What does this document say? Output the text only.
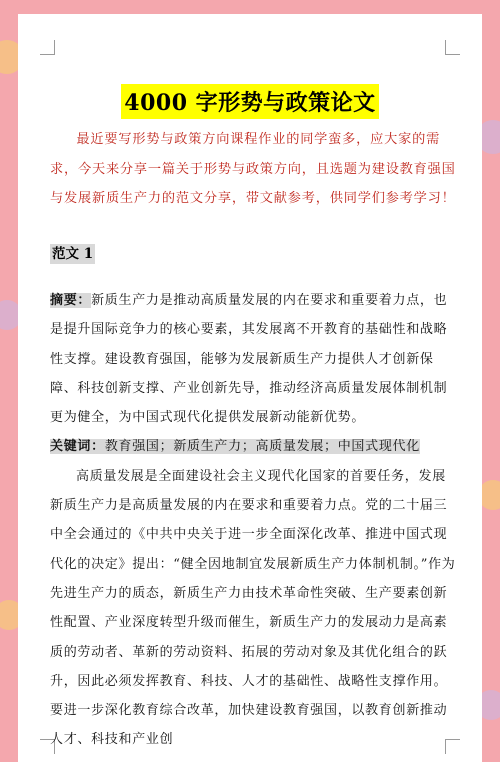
4000 字形势与政策论文

最近要写形势与政策方向课程作业的同学蛮多，应大家的需求，今天来分享一篇关于形势与政策方向，且选题为建设教育强国与发展新质生产力的范文分享，带文献参考，供同学们参考学习！

范文 1

摘要：新质生产力是推动高质量发展的内在要求和重要着力点，也是提升国际竞争力的核心要素，其发展离不开教育的基础性和战略性支撑。建设教育强国，能够为发展新质生产力提供人才创新保障、科技创新支撑、产业创新先导，推动经济高质量发展体制机制更为健全，为中国式现代化提供发展新动能新优势。

关键词：教育强国；新质生产力；高质量发展；中国式现代化

高质量发展是全面建设社会主义现代化国家的首要任务，发展新质生产力是高质量发展的内在要求和重要着力点。党的二十届三中全会通过的《中共中央关于进一步全面深化改革、推进中国式现代化的决定》提出：“健全因地制宜发展新质生产力体制机制。”作为先进生产力的质态，新质生产力由技术革命性突破、生产要素创新性配置、产业深度转型升级而催生，新质生产力的发展动力是高素质的劳动者、革新的劳动资料、拓展的劳动对象及其优化组合的跃升，因此必须发挥教育、科技、人才的基础性、战略性支撑作用。要进一步深化教育综合改革，加快建设教育强国，以教育创新推动人才、科技和产业创
